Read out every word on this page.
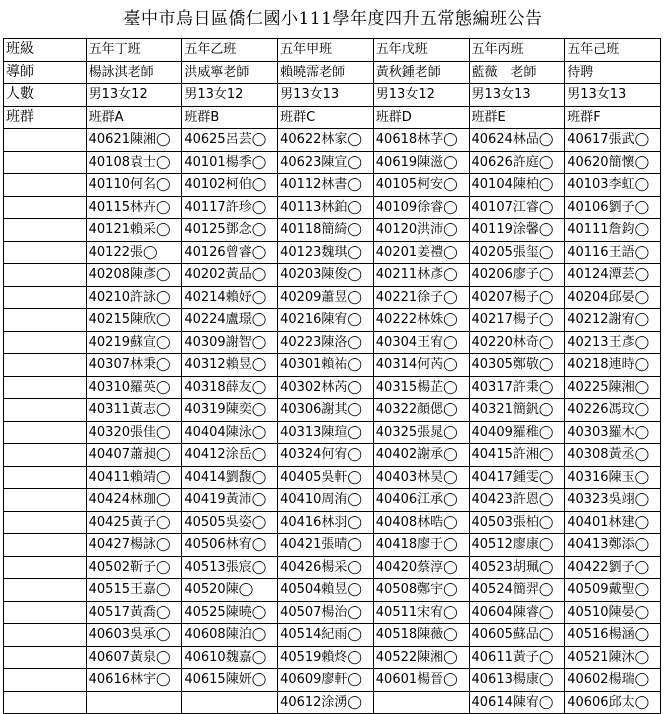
臺中市烏日區僑仁國小111學年度四升五常態編班公告
班級	五年丁班	五年乙班	五年甲班	五年戊班	五年丙班	五年己班
導師	楊詠淇老師	洪威寧老師	賴曉霈老師	黃秋鍾老師	藍薇　老師	待聘
人數	男13女12	男13女12	男13女13	男13女12	男13女13	男13女13
班群	班群A	班群B	班群C	班群D	班群E	班群F
	40621陳湘◯	40625呂芸◯	40622林家◯	40618林芓◯	40624林品◯	40617張武◯
	40108袁士◯	40101楊季◯	40623陳宣◯	40619陳滋◯	40626許庭◯	40620簡懷◯
	40110何名◯	40102柯伯◯	40112林書◯	40105柯安◯	40104陳柏◯	40103李虹◯
	40115林卉◯	40117許珍◯	40113林鉑◯	40109徐睿◯	40107江睿◯	40106劉子◯
	40121賴采◯	40125鄧念◯	40118簡綺◯	40120洪沛◯	40119涂馨◯	40111詹鈞◯
	40122張◯	40126曾睿◯	40123魏琪◯	40201姜禮◯	40205張玺◯	40116王語◯
	40208陳彥◯	40202黃品◯	40203陳俊◯	40211林彥◯	40206廖子◯	40124潭芸◯
	40210許詠◯	40214賴妤◯	40209蕭昱◯	40221徐子◯	40207楊子◯	40204邱晏◯
	40215陳欣◯	40224盧璟◯	40216陳宥◯	40222林姝◯	40217楊子◯	40212謝宥◯
	40219蘇宣◯	40309謝智◯	40223陳洛◯	40304王宥◯	40220林奇◯	40213王彥◯
	40307林秉◯	40312賴昱◯	40301賴祐◯	40314何芮◯	40305鄭敬◯	40218連時◯
	40310羅英◯	40318薛友◯	40302林芮◯	40315楊芷◯	40317許秉◯	40225陳湘◯
	40311黃志◯	40319陳奕◯	40306謝其◯	40322顏偲◯	40321簡釩◯	40226馮玟◯
	40320張佳◯	40404陳泳◯	40313陳瑄◯	40325張晁◯	40409羅稚◯	40303羅木◯
	40407蕭昶◯	40412涂岳◯	40324何宥◯	40402謝承◯	40415許湘◯	40308黃丞◯
	40411賴靖◯	40414劉馥◯	40405吳軒◯	40403林昊◯	40417鍾雯◯	40316陳玉◯
	40424林珈◯	40419黃沛◯	40410周洧◯	40406江承◯	40423許恩◯	40323吳翊◯
	40425黃子◯	40505吳姿◯	40416林羽◯	40408林晧◯	40503張柏◯	40401林建◯
	40427楊詠◯	40506林宥◯	40421張晴◯	40418廖于◯	40512廖康◯	40413鄭添◯
	40502靳子◯	40513張宸◯	40426楊采◯	40420蔡淳◯	40523胡珮◯	40422劉子◯
	40515王嘉◯	40520陳◯	40504賴昱◯	40508鄭宇◯	40524簡羿◯	40509戴聖◯
	40517黃喬◯	40525陳曉◯	40507楊治◯	40511宋宥◯	40604陳睿◯	40510陳晏◯
	40603吳承◯	40608陳泊◯	40514紀雨◯	40518陳薇◯	40605蘇品◯	40516楊涵◯
	40607黃泉◯	40610魏嘉◯	40519賴炵◯	40522陳湘◯	40611黃子◯	40521陳沐◯
	40616林宇◯	40615陳妍◯	40609廖軒◯	40601楊晉◯	40613楊康◯	40602楊瑞◯
			40612涂湧◯		40614陳宥◯	40606邱太◯
